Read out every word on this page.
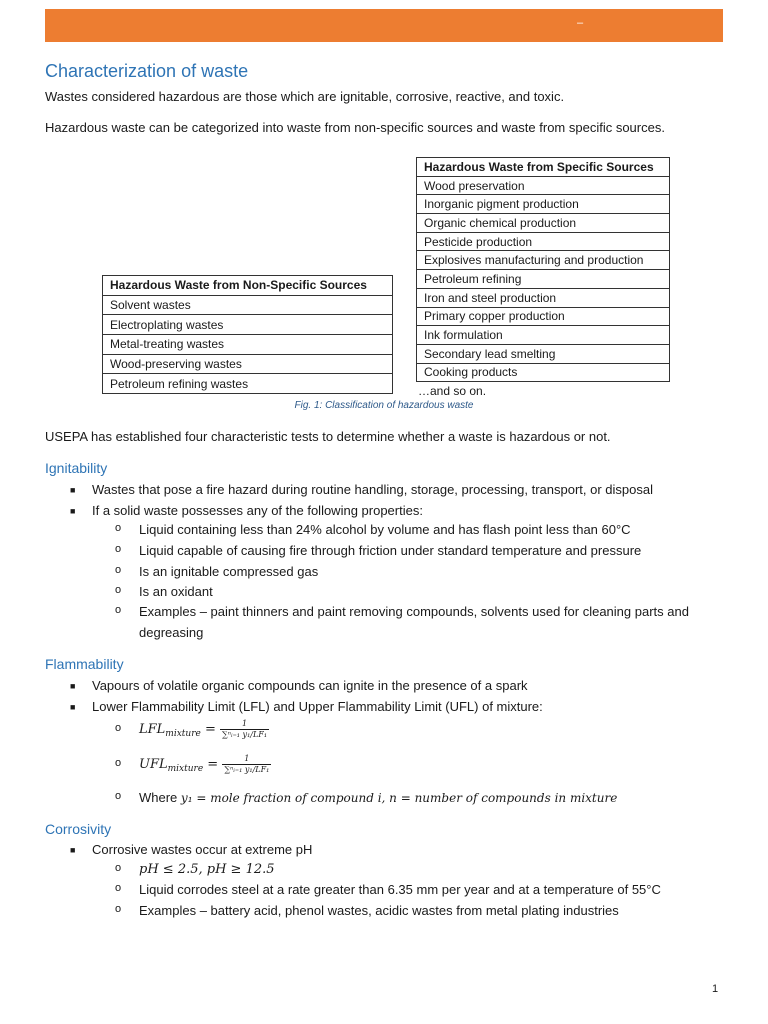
–
Characterization of waste

Wastes considered hazardous are those which are ignitable, corrosive, reactive, and toxic.

Hazardous waste can be categorized into waste from non-specific sources and waste from specific sources.

Hazardous Waste from Specific Sources
Wood preservation
Inorganic pigment production
Organic chemical production
Pesticide production
Explosives manufacturing and production
Petroleum refining
Iron and steel production
Primary copper production
Ink formulation
Secondary lead smelting
Cooking products
Hazardous Waste from Non-Specific Sources
Solvent wastes
Electroplating wastes
Metal-treating wastes
Wood-preserving wastes
Petroleum refining wastes
…and so on.
Fig. 1: Classification of hazardous waste

USEPA has established four characteristic tests to determine whether a waste is hazardous or not.

Ignitability
■ Wastes that pose a fire hazard during routine handling, storage, processing, transport, or disposal
■ If a solid waste possesses any of the following properties:
o Liquid containing less than 24% alcohol by volume and has flash point less than 60°C
o Liquid capable of causing fire through friction under standard temperature and pressure
o Is an ignitable compressed gas
o Is an oxidant
o Examples – paint thinners and paint removing compounds, solvents used for cleaning parts and
degreasing
Flammability
■ Vapours of volatile organic compounds can ignite in the presence of a spark
■ Lower Flammability Limit (LFL) and Upper Flammability Limit (UFL) of mixture:
o $LFL_{mixture} = \frac{1}{\text{∑ⁿᵢ₌₁ y₁/LF₁}}$
o $UFL_{mixture} = \frac{1}{\text{∑ⁿᵢ₌₁ y₁/LF₁}}$
o Where y₁ = mole fraction of compound i, n = number of compounds in mixture
Corrosivity
■ Corrosive wastes occur at extreme pH
o pH ≤ 2.5, pH ≥ 12.5
o Liquid corrodes steel at a rate greater than 6.35 mm per year and at a temperature of 55°C
o Examples – battery acid, phenol wastes, acidic wastes from metal plating industries
1
